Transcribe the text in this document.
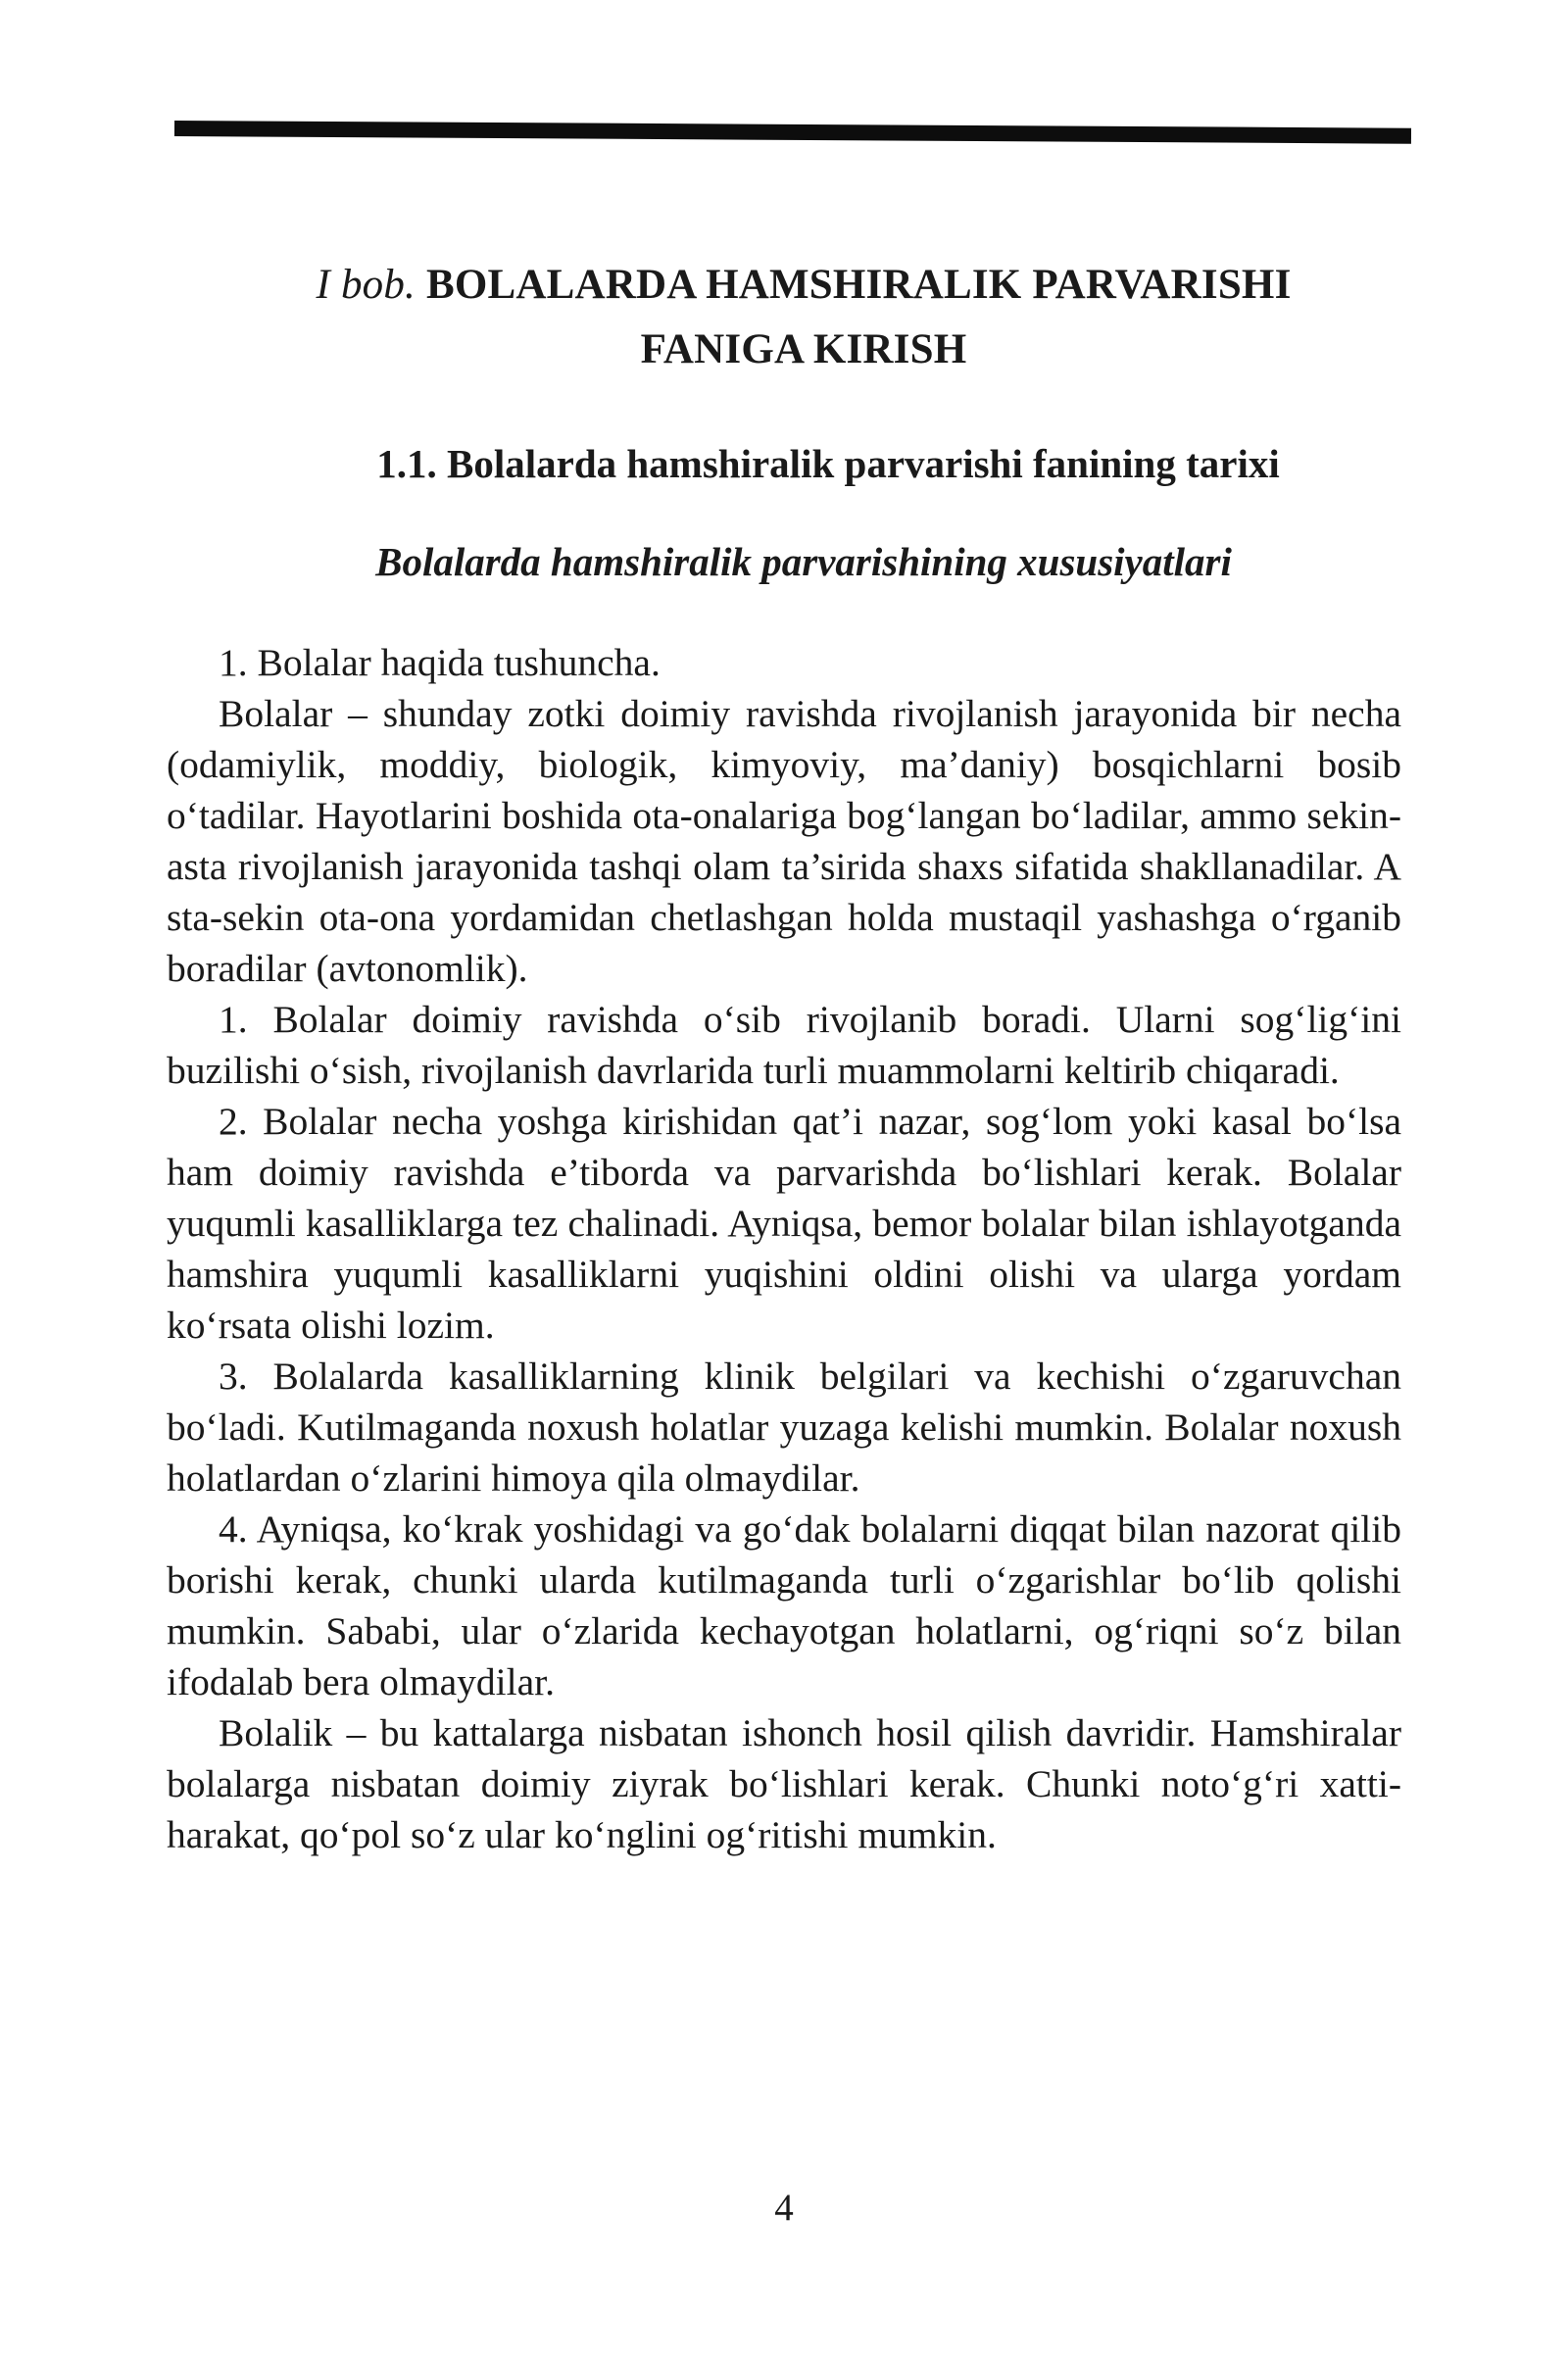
I bob. BOLALARDA HAMSHIRALIK PARVARISHI
FANIGA KIRISH
1.1. Bolalarda hamshiralik parvarishi fanining tarixi
Bolalarda hamshiralik parvarishining xususiyatlari

1. Bolalar haqida tushuncha.

Bolalar – shunday zotki doimiy ravishda rivojlanish jarayonida bir necha (odamiylik, moddiy, biologik, kimyoviy, ma’daniy) bosqichlarni bosib o‘tadilar. Hayotlarini boshida ota-onalariga bog‘langan bo‘ladilar, ammo sekin-asta rivojlanish jarayonida tashqi olam ta’sirida shaxs sifatida shakllanadilar. A sta-sekin ota-ona yordamidan chetlashgan holda mustaqil yashashga o‘rganib boradilar (avtonomlik).

1. Bolalar doimiy ravishda o‘sib rivojlanib boradi. Ularni sog‘lig‘ini buzilishi o‘sish, rivojlanish davrlarida turli muammolarni keltirib chiqaradi.

2. Bolalar necha yoshga kirishidan qat’i nazar, sog‘lom yoki kasal bo‘lsa ham doimiy ravishda e’tiborda va parvarishda bo‘lishlari kerak. Bolalar yuqumli kasalliklarga tez chalinadi. Ayniqsa, bemor bolalar bilan ishlayotganda hamshira yuqumli kasalliklarni yuqishini oldini olishi va ularga yordam ko‘rsata olishi lozim.

3. Bolalarda kasalliklarning klinik belgilari va kechishi o‘zgaruvchan bo‘ladi. Kutilmaganda noxush holatlar yuzaga kelishi mumkin. Bolalar noxush holatlardan o‘zlarini himoya qila olmaydilar.

4. Ayniqsa, ko‘krak yoshidagi va go‘dak bolalarni diqqat bilan nazorat qilib borishi kerak, chunki ularda kutilmaganda turli o‘zgarishlar bo‘lib qolishi mumkin. Sababi, ular o‘zlarida kechayotgan holatlarni, og‘riqni so‘z bilan ifodalab bera olmaydilar.

Bolalik – bu kattalarga nisbatan ishonch hosil qilish davridir. Hamshiralar bolalarga nisbatan doimiy ziyrak bo‘lishlari kerak. Chunki noto‘g‘ri xatti-harakat, qo‘pol so‘z ular ko‘nglini og‘ritishi mumkin.

4
